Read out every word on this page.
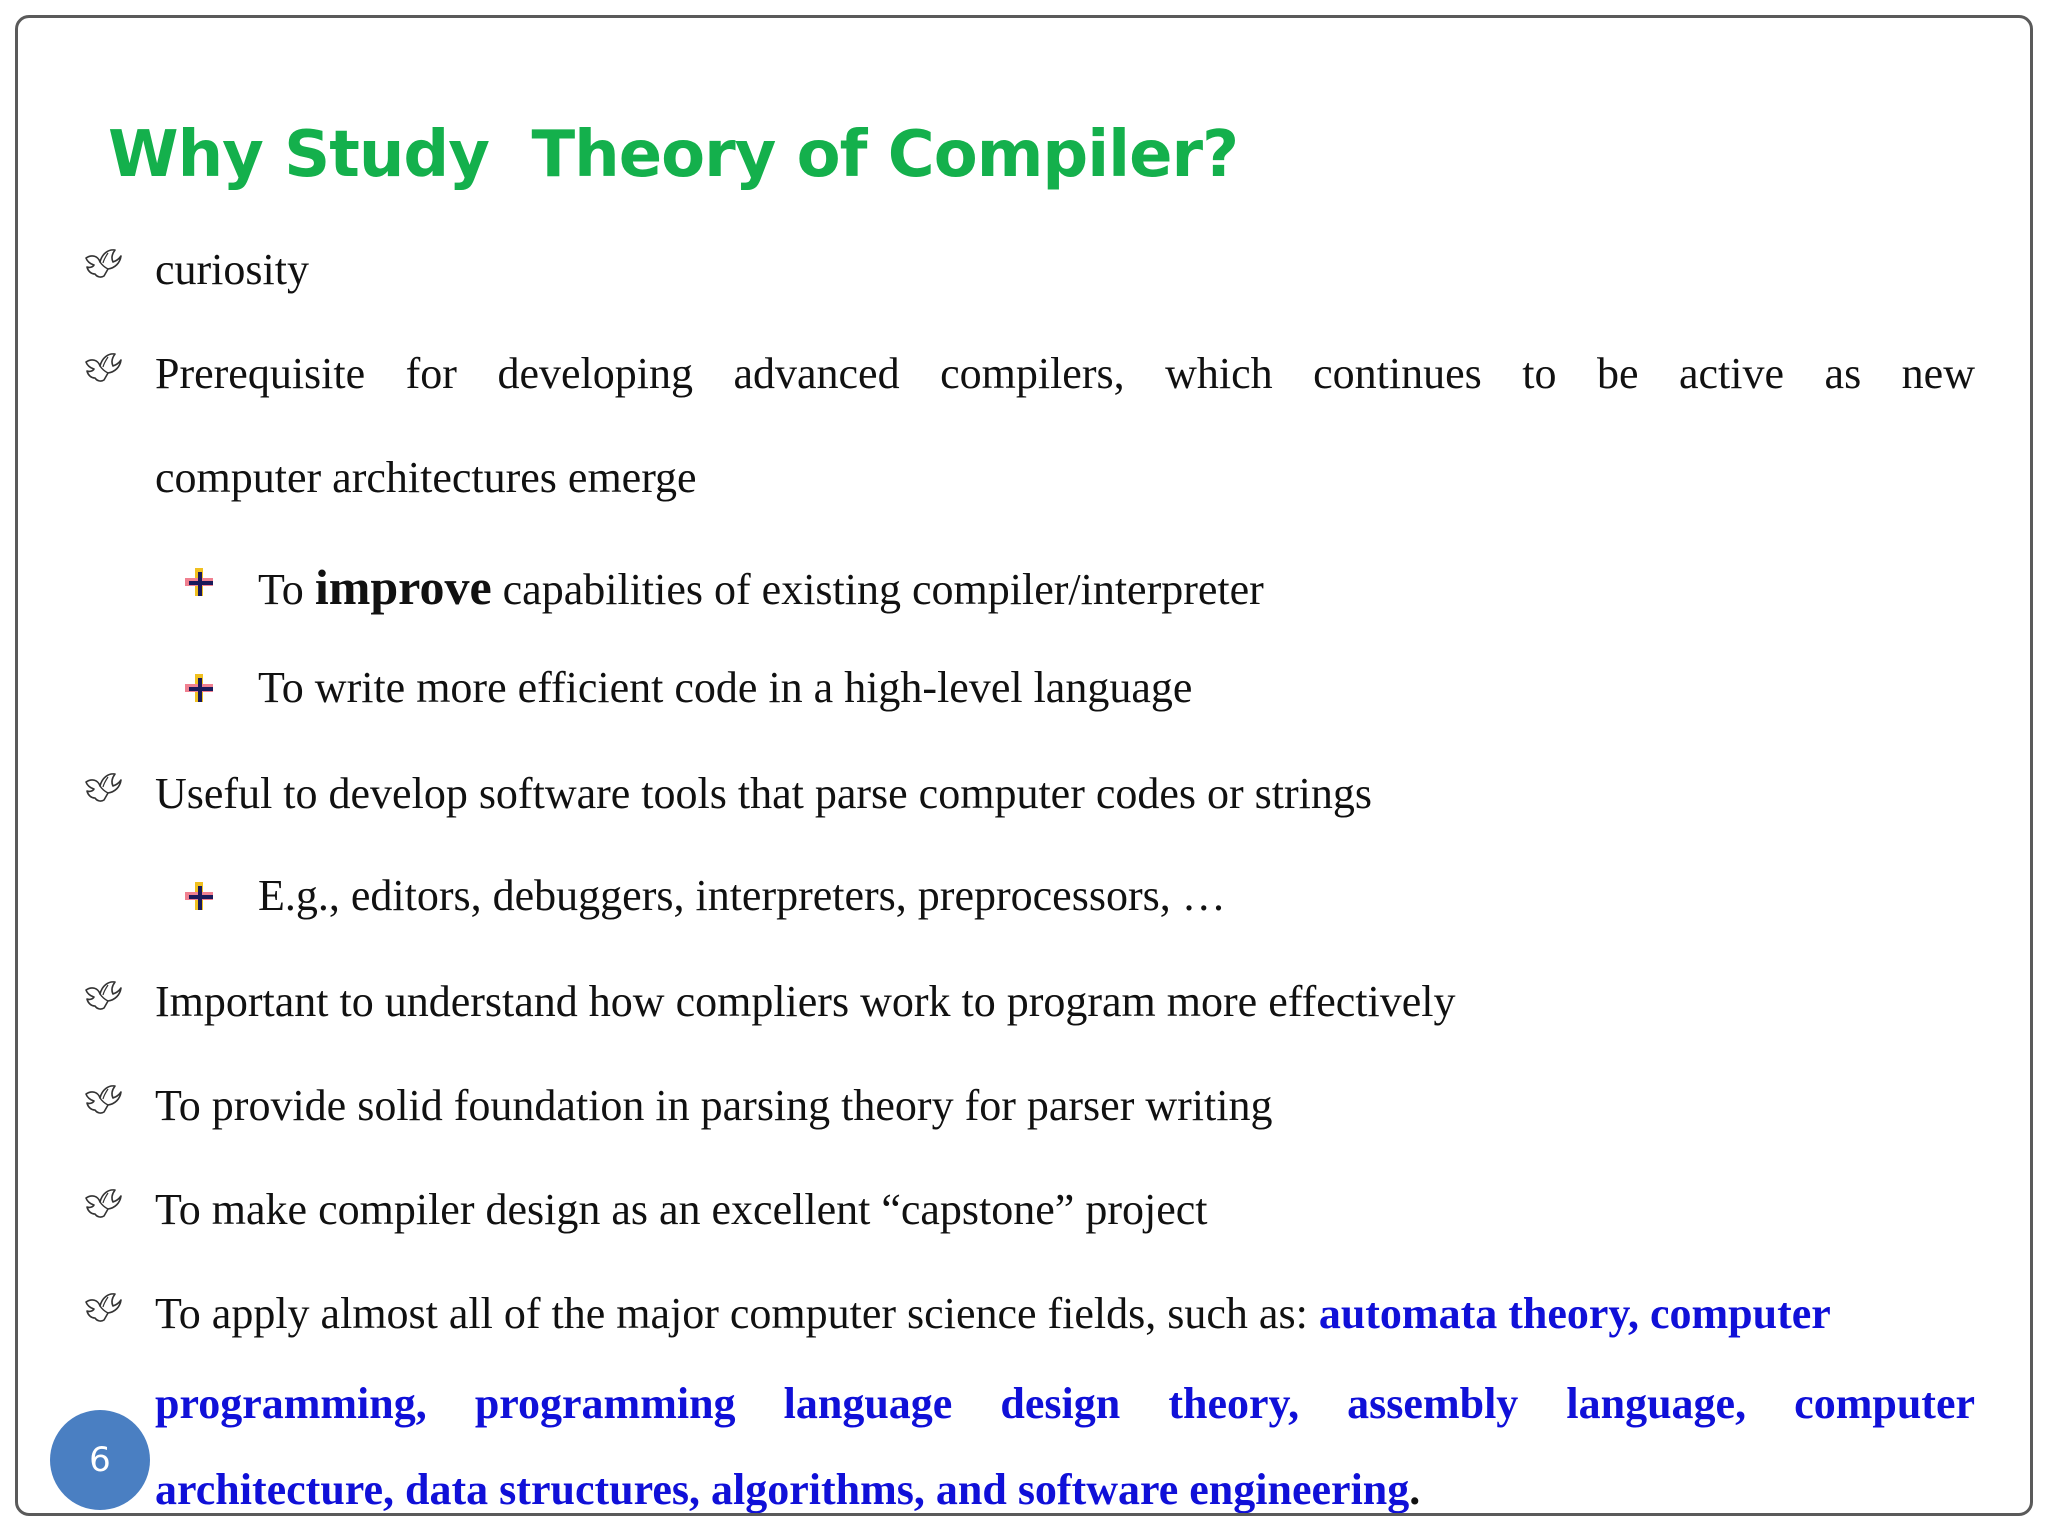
Why Study  Theory of Compiler?
curiosity
Prerequisite for developing advanced compilers, which continues to be active as new
computer architectures emerge
To improve capabilities of existing compiler/interpreter
To write more efficient code in a high-level language
Useful to develop software tools that parse computer codes or strings
E.g., editors, debuggers, interpreters, preprocessors, …
Important to understand how compliers work to program more effectively
To provide solid foundation in parsing theory for parser writing
To make compiler design as an excellent “capstone” project
To apply almost all of the major computer science fields, such as: automata theory, computer
programming, programming language design theory, assembly language, computer
architecture, data structures, algorithms, and software engineering.
6
